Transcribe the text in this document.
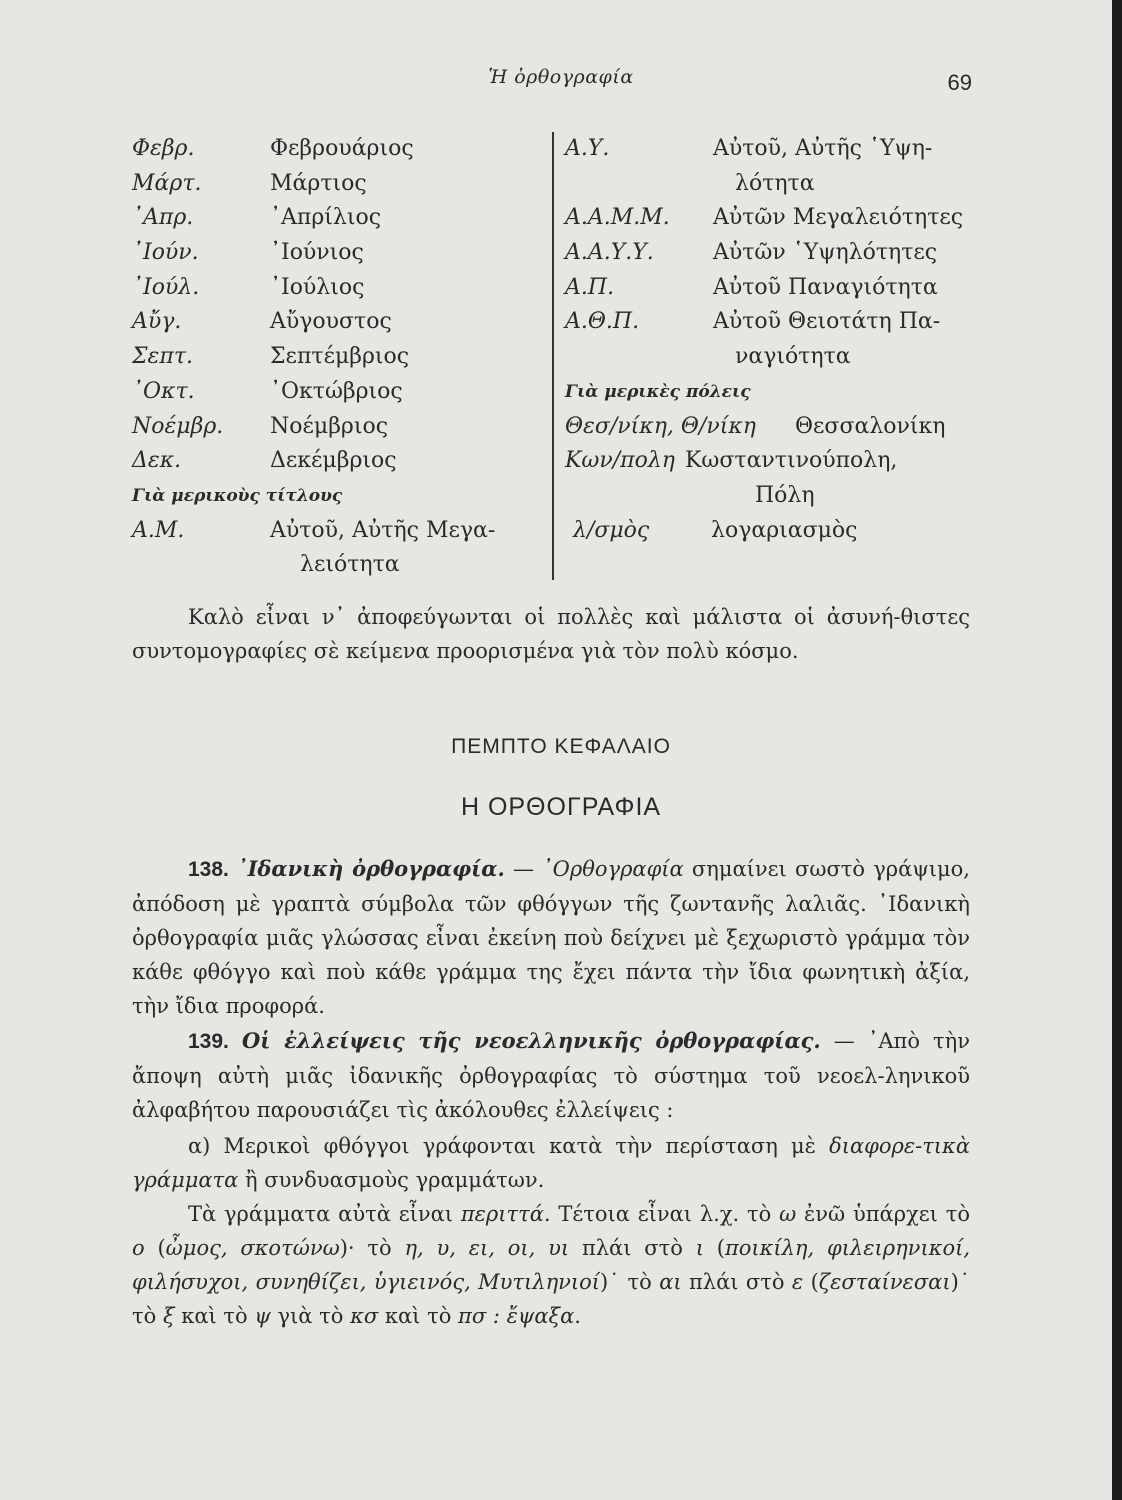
Ἡ ὀρθογραφία	69
Φεβρ.	Φεβρουάριος
Μάρτ.	Μάρτιος
᾿Απρ.	᾿Απρίλιος
᾿Ιούν.	᾿Ιούνιος
᾿Ιούλ.	᾿Ιούλιος
Αὔγ.	Αὔγουστος
Σεπτ.	Σεπτέμβριος
᾿Οκτ.	᾿Οκτώβριος
Νοέμβρ. Νοέμβριος
Δεκ.	Δεκέμβριος
Γιὰ μερικοὺς τίτλους
Α.Μ.	Αὐτοῦ, Αὐτῆς Μεγα-
λειότητα
Α.Υ.	Αὐτοῦ, Αὐτῆς ῾Υψη-
λότητα
Α.Α.Μ.Μ. Αὐτῶν Μεγαλειότητες
Α.Α.Υ.Υ.	Αὐτῶν ῾Υψηλότητες
Α.Π.	Αὐτοῦ Παναγιότητα
Α.Θ.Π.	Αὐτοῦ Θειοτάτη Πα-
ναγιότητα
Γιὰ μερικὲς πόλεις
Θεσ/νίκη, Θ/νίκη Θεσσαλονίκη
Κων/πολη Κωσταντινούπολη,
Πόλη
λ/σμὸς	λογαριασμὸς
Καλὸ εἶναι ν᾿ ἀποφεύγωνται οἱ πολλὲς καὶ μάλιστα οἱ ἀσυνή-θιστες συντομογραφίες σὲ κείμενα προορισμένα γιὰ τὸν πολὺ κόσμο.
ΠΕΜΠΤΟ ΚΕΦΑΛΑΙΟ
Η ΟΡΘΟΓΡΑΦΙΑ
138. ᾿Ιδανικὴ ὀρθογραφία. — ᾿Ορθογραφία σημαίνει σωστὸ γράψιμο, ἀπόδοση μὲ γραπτὰ σύμβολα τῶν φθόγγων τῆς ζωντανῆς λαλιᾶς. ᾿Ιδανικὴ ὀρθογραφία μιᾶς γλώσσας εἶναι ἐκείνη ποὺ δείχνει μὲ ξεχωριστὸ γράμμα τὸν κάθε φθόγγο καὶ ποὺ κάθε γράμμα της ἔχει πάντα τὴν ἴδια φωνητικὴ ἀξία, τὴν ἴδια προφορά.
139. Οἱ ἐλλείψεις τῆς νεοελληνικῆς ὀρθογραφίας. — ᾿Απὸ τὴν ἄποψη αὐτὴ μιᾶς ἰδανικῆς ὀρθογραφίας τὸ σύστημα τοῦ νεοελ-ληνικοῦ ἀλφαβήτου παρουσιάζει τὶς ἀκόλουθες ἐλλείψεις :
α) Μερικοὶ φθόγγοι γράφονται κατὰ τὴν περίσταση μὲ διαφορε-τικὰ γράμματα ἢ συνδυασμοὺς γραμμάτων.
Τὰ γράμματα αὐτὰ εἶναι περιττά. Τέτοια εἶναι λ.χ. τὸ ω ἐνῶ ὑπάρχει τὸ ο (ὦμος, σκοτώνω)· τὸ η, υ, ει, οι, υι πλάι στὸ ι (ποικίλη, φιλειρηνικοί, φιλήσυχοι, συνηθίζει, ὑγιεινός, Μυτιληνιοί)˙ τὸ αι πλάι στὸ ε (ζεσταίνεσαι)˙ τὸ ξ καὶ τὸ ψ γιὰ τὸ κσ καὶ τὸ πσ : ἔψαξα.
